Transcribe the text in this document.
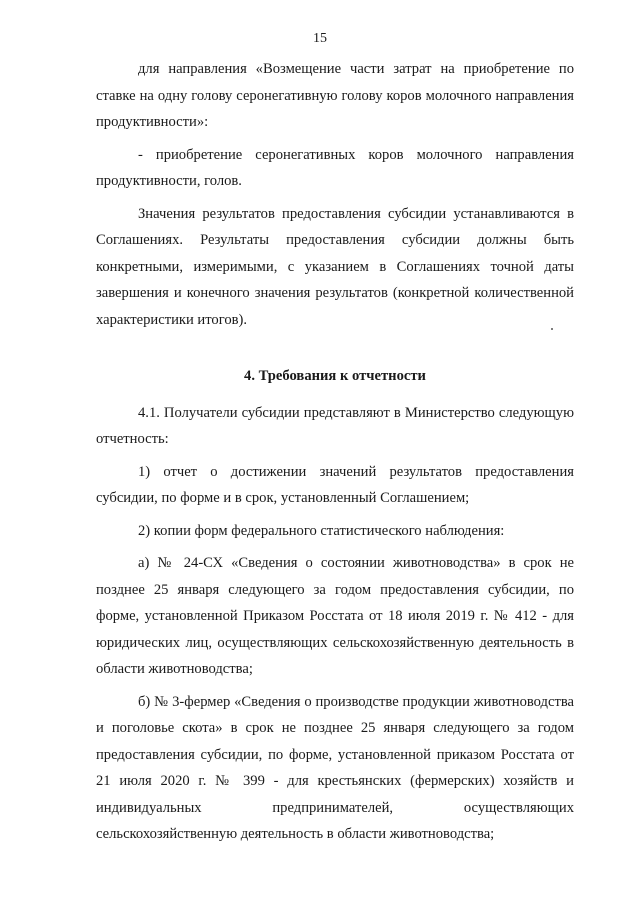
15

для направления «Возмещение части затрат на приобретение по ставке на одну голову серонегативную голову коров молочного направления продуктивности»:

- приобретение серонегативных коров молочного направления продуктивности, голов.

Значения результатов предоставления субсидии устанавливаются в Соглашениях. Результаты предоставления субсидии должны быть конкретными, измеримыми, с указанием в Соглашениях точной даты завершения и конечного значения результатов (конкретной количественной характеристики итогов).

4. Требования к отчетности

4.1. Получатели субсидии представляют в Министерство следующую отчетность:

1) отчет о достижении значений результатов предоставления субсидии, по форме и в срок, установленный Соглашением;

2) копии форм федерального статистического наблюдения:

а) № 24-СХ «Сведения о состоянии животноводства» в срок не позднее 25 января следующего за годом предоставления субсидии, по форме, установленной Приказом Росстата от 18 июля 2019 г. № 412 - для юридических лиц, осуществляющих сельскохозяйственную деятельность в области животноводства;

б) № 3-фермер «Сведения о производстве продукции животноводства и поголовье скота» в срок не позднее 25 января следующего за годом предоставления субсидии, по форме, установленной приказом Росстата от 21 июля 2020 г. № 399 - для крестьянских (фермерских) хозяйств и индивидуальных предпринимателей, осуществляющих сельскохозяйственную деятельность в области животноводства;
